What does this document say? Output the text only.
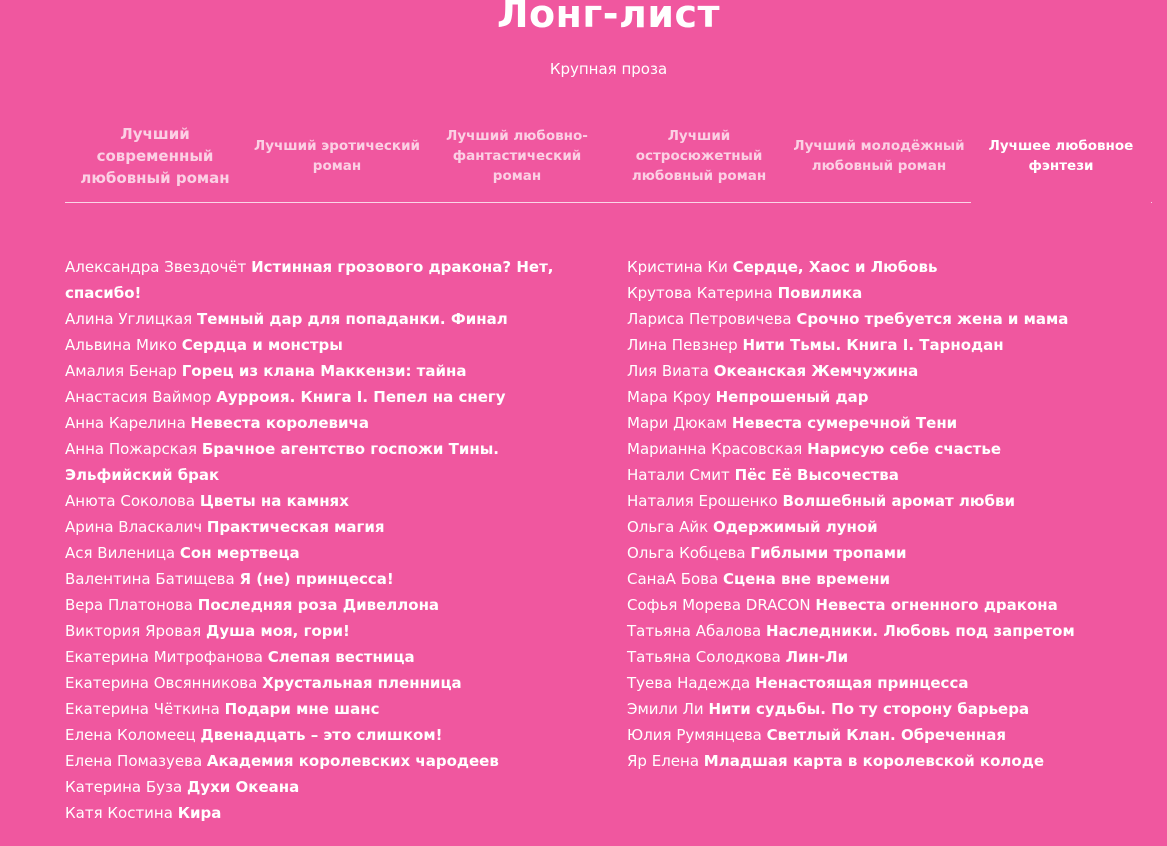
Лонг-лист
Крупная проза
Лучший
современный
любовный роман
Лучший эротический
роман
Лучший любовно-
фантастический
роман
Лучший
остросюжетный
любовный роман
Лучший молодёжный
любовный роман
Лучшее любовное
фэнтези

Александра Звездочёт Истинная грозового дракона? Нет, спасибо!

Алина Углицкая Темный дар для попаданки. Финал

Альвина Мико Сердца и монстры

Амалия Бенар Горец из клана Маккензи: тайна

Анастасия Ваймор Аурроия. Книга I. Пепел на снегу

Анна Карелина Невеста королевича

Анна Пожарская Брачное агентство госпожи Тины. Эльфийский брак

Анюта Соколова Цветы на камнях

Арина Власкалич Практическая магия

Ася Виленица Сон мертвеца

Валентина Батищева Я (не) принцесса!

Вера Платонова Последняя роза Дивеллона

Виктория Яровая Душа моя, гори!

Екатерина Митрофанова Слепая вестница

Екатерина Овсянникова Хрустальная пленница

Екатерина Чёткина Подари мне шанс

Елена Коломеец Двенадцать – это слишком!

Елена Помазуева Академия королевских чародеев

Катерина Буза Духи Океана

Катя Костина Кира

Кристина Ки Сердце, Хаос и Любовь

Крутова Катерина Повилика

Лариса Петровичева Срочно требуется жена и мама

Лина Певзнер Нити Тьмы. Книга I. Тарнодан

Лия Виата Океанская Жемчужина

Мара Кроу Непрошеный дар

Мари Дюкам Невеста сумеречной Тени

Марианна Красовская Нарисую себе счастье

Натали Смит Пёс Её Высочества

Наталия Ерошенко Волшебный аромат любви

Ольга Айк Одержимый луной

Ольга Кобцева Гиблыми тропами

СанаА Бова Сцена вне времени

Софья Морева DRACON Невеста огненного дракона

Татьяна Абалова Наследники. Любовь под запретом

Татьяна Солодкова Лин-Ли

Туева Надежда Ненастоящая принцесса

Эмили Ли Нити судьбы. По ту сторону барьера

Юлия Румянцева Светлый Клан. Обреченная

Яр Елена Младшая карта в королевской колоде
